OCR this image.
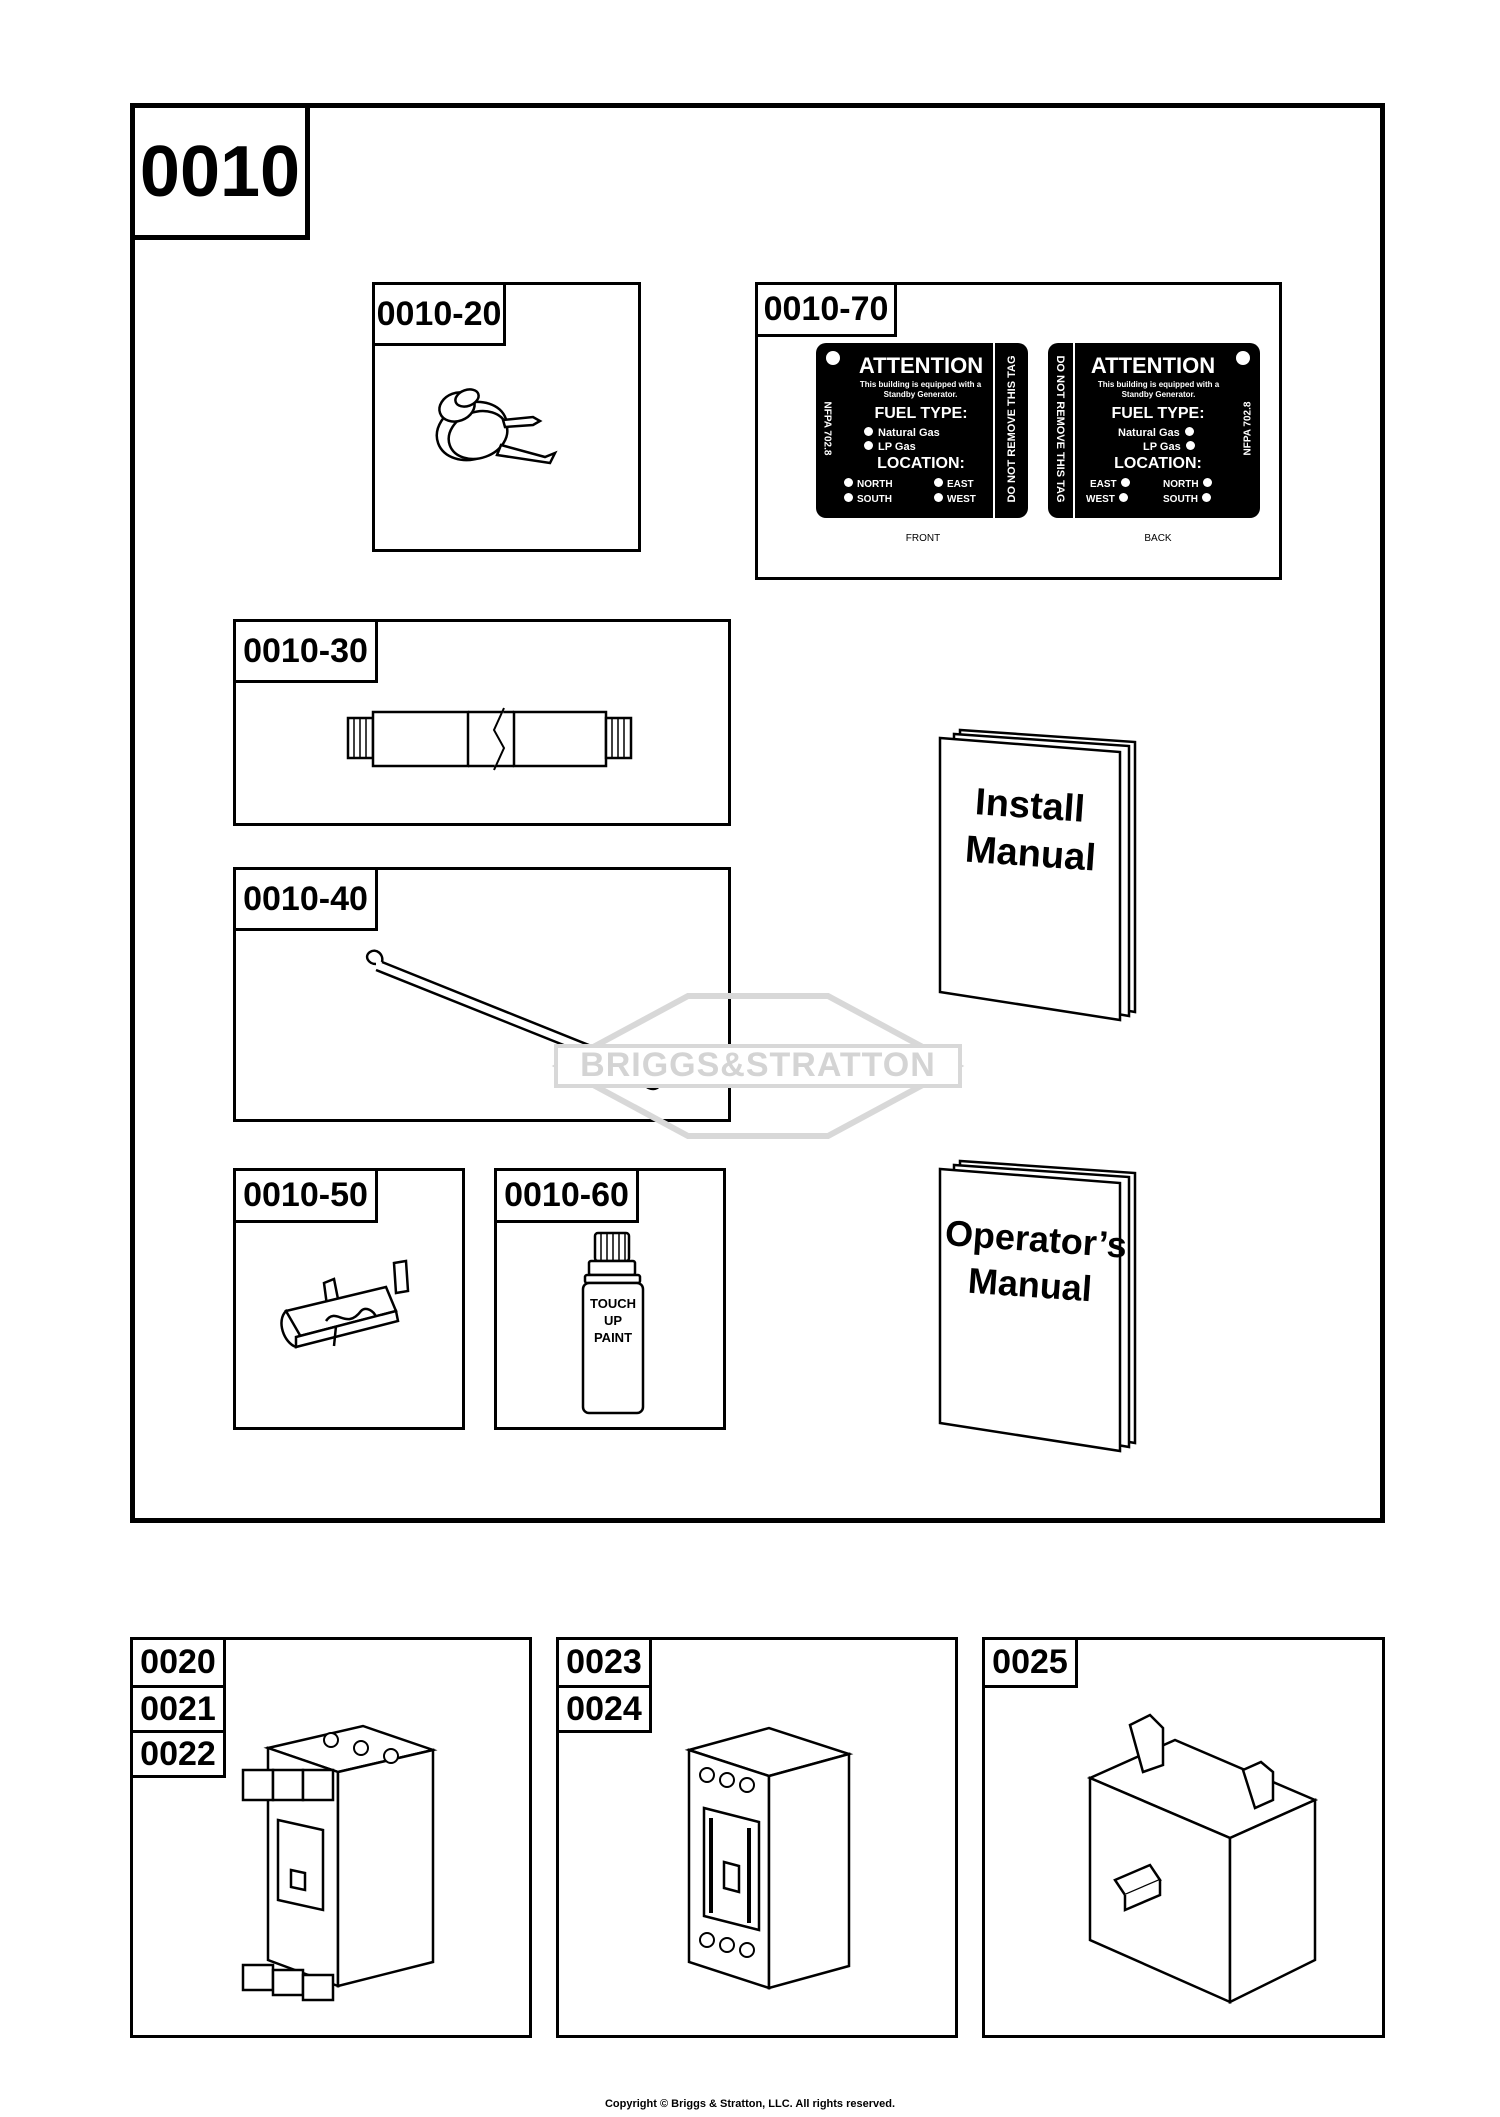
0010
0010-20	0010-70
ATTENTION
This building is equipped with a
Standby Generator.
FUEL TYPE:
Natural Gas
LP Gas
LOCATION:
NORTH	EAST
SOUTH	WEST
NFPA 702.8	DO NOT REMOVE THIS TAG
FRONT
ATTENTION
This building is equipped with a
Standby Generator.
FUEL TYPE:
Natural Gas
LP Gas
LOCATION:
EAST	NORTH
WEST	SOUTH
NFPA 702.8
DO NOT REMOVE THIS TAG
BACK
0010-30
0010-40
0010-50	0010-60
TOUCH
UP
PAINT
Install
Manual
Operator’s
Manual
BRIGGS&STRATTON
0020
0021
0022
0023
0024
0025
Copyright © Briggs & Stratton, LLC. All rights reserved.
